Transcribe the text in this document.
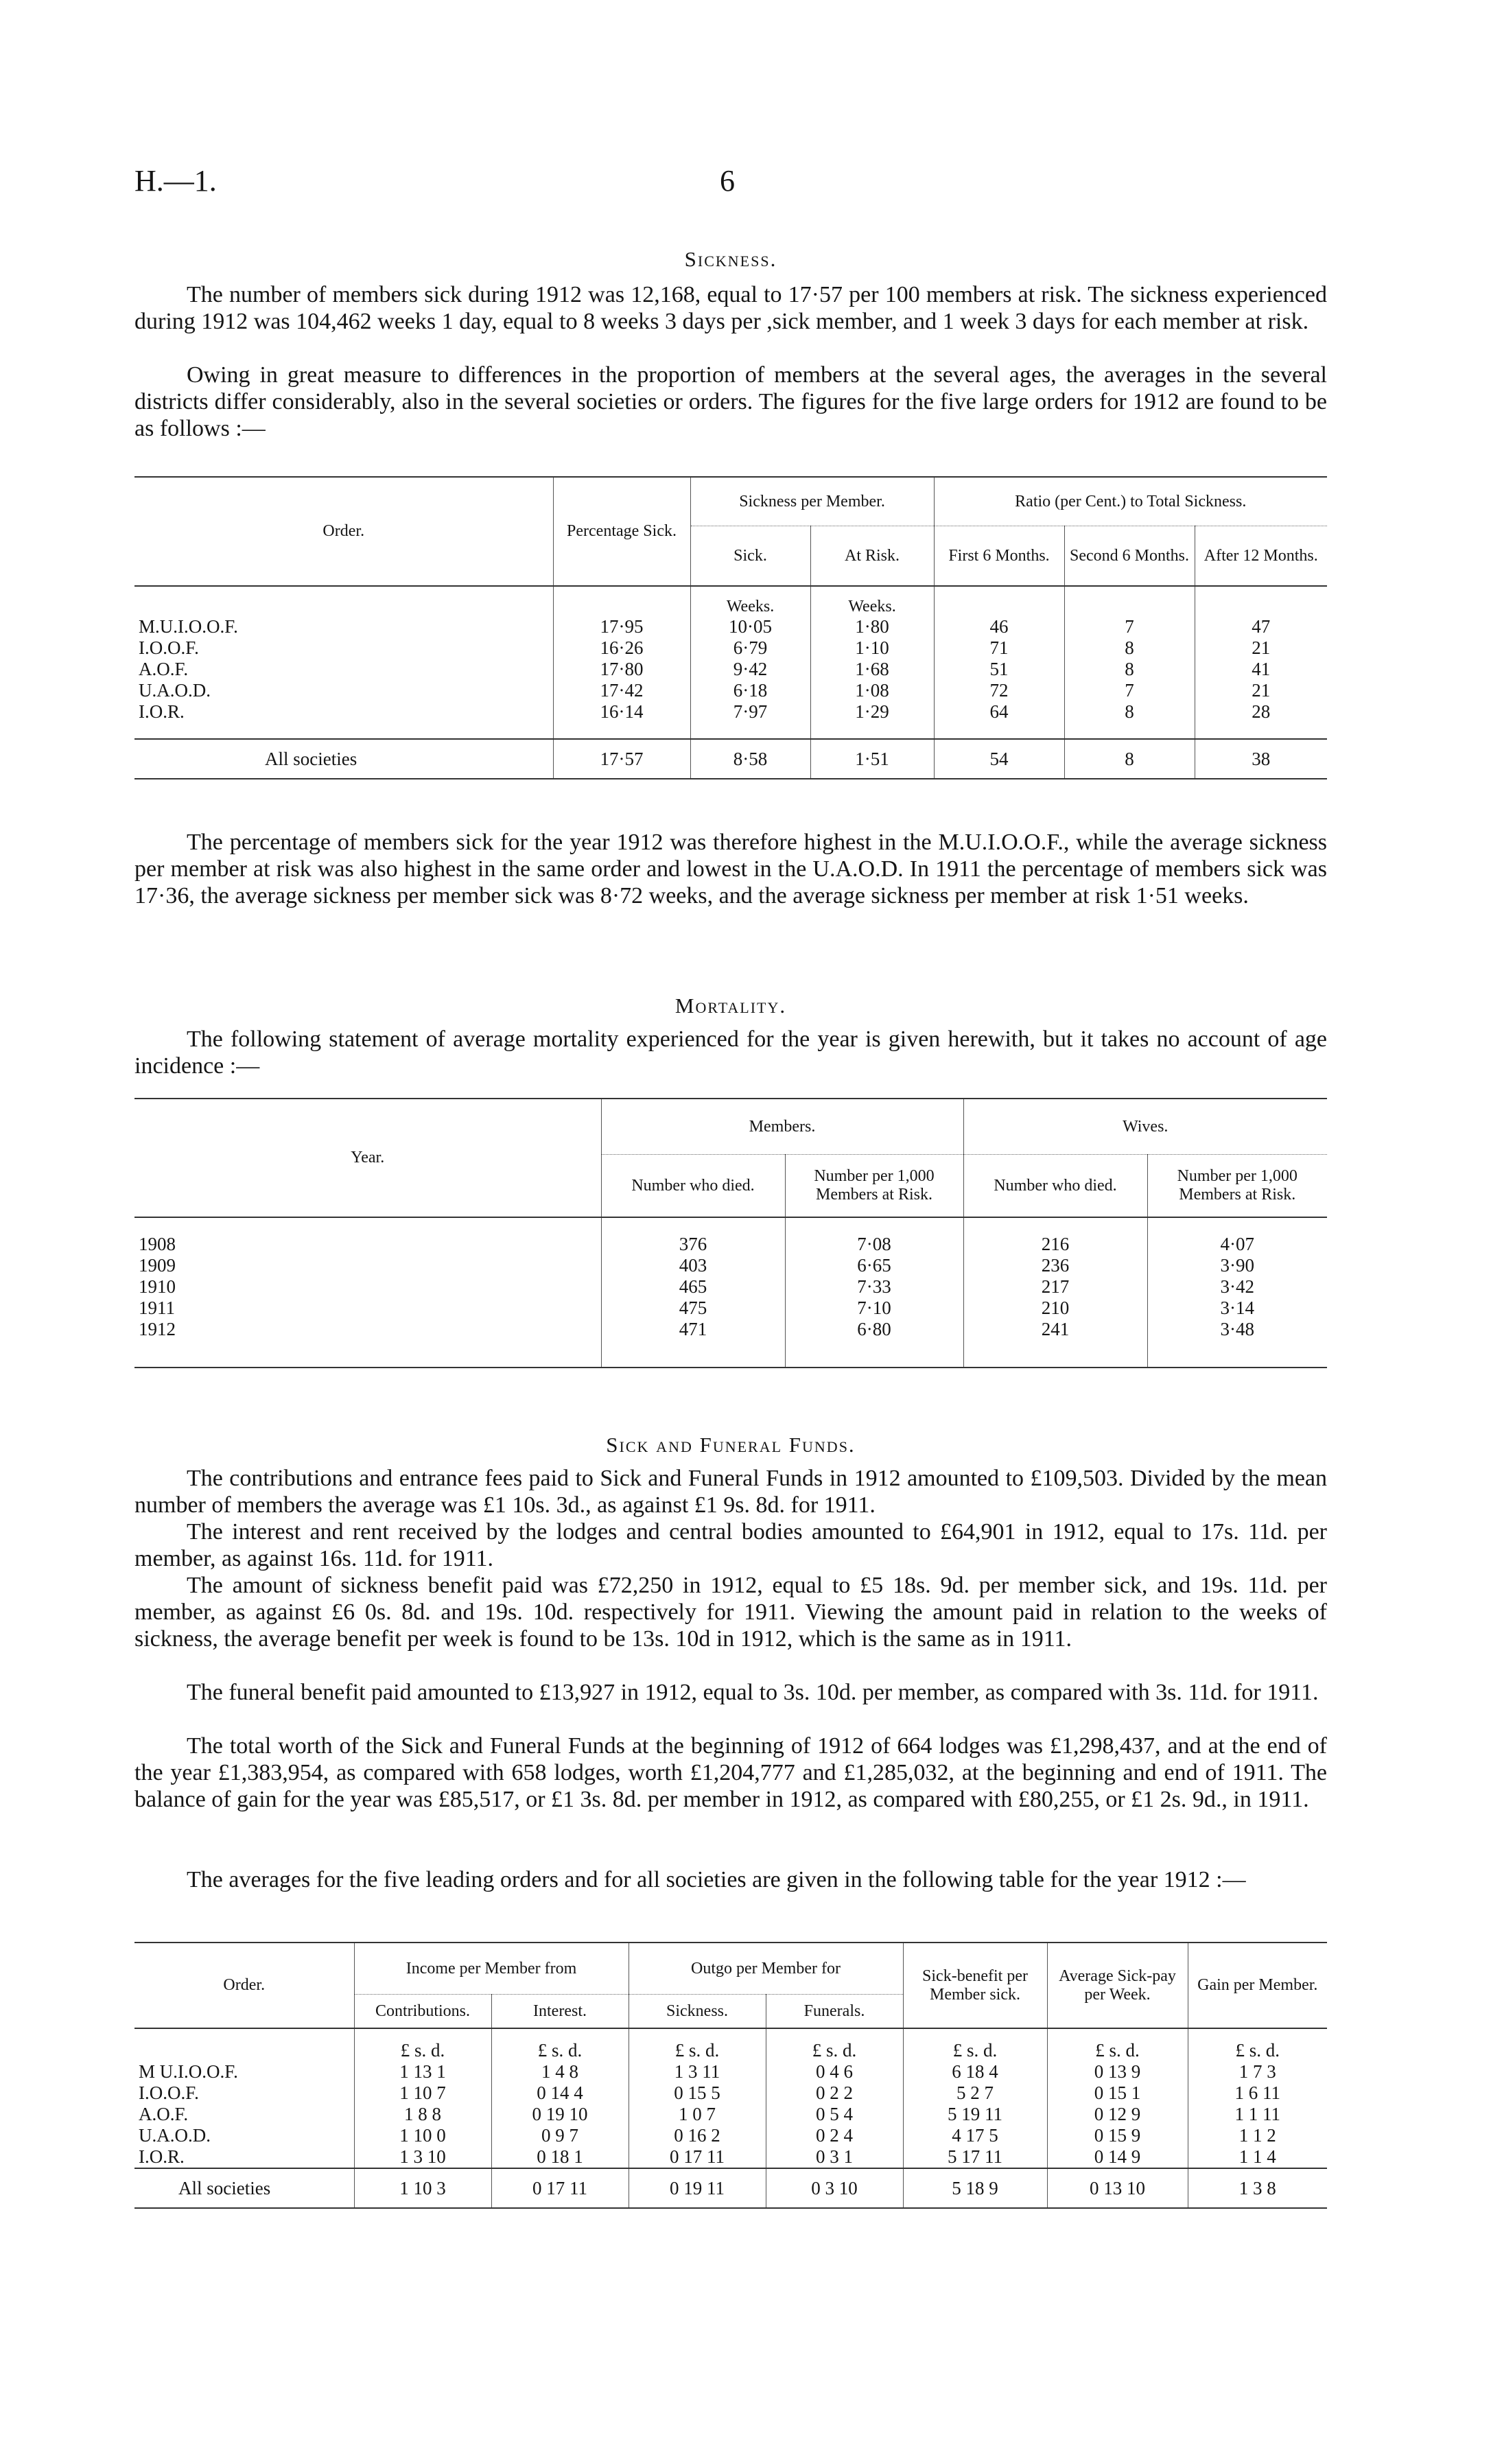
H.—1.	6
Sickness.
The number of members sick during 1912 was 12,168, equal to 17·57 per 100 members at risk. The sickness experienced during 1912 was 104,462 weeks 1 day, equal to 8 weeks 3 days per ,sick member, and 1 week 3 days for each member at risk.
Owing in great measure to differences in the proportion of members at the several ages, the averages in the several districts differ considerably, also in the several societies or orders. The figures for the five large orders for 1912 are found to be as follows :—
Order.	Percentage Sick.	Sickness per Member.		Ratio (per Cent.) to Total Sickness.		
		Sick.	At Risk.	First 6 Months.	Second 6 Months.	After 12 Months.
		Weeks.	Weeks.			
M.U.I.O.O.F.	17·95	10·05	1·80	46	7	47
I.O.O.F.	16·26	6·79	1·10	71	8	21
A.O.F.	17·80	9·42	1·68	51	8	41
U.A.O.D.	17·42	6·18	1·08	72	7	21
I.O.R.	16·14	7·97	1·29	64	8	28

All societies	17·57	8·58	1·51	54	8	38
The percentage of members sick for the year 1912 was therefore highest in the M.U.I.O.O.F., while the average sickness per member at risk was also highest in the same order and lowest in the U.A.O.D. In 1911 the percentage of members sick was 17·36, the average sickness per member sick was 8·72 weeks, and the average sickness per member at risk 1·51 weeks.
Mortality.
The following statement of average mortality experienced for the year is given herewith, but it takes no account of age incidence :—
Year.	Members.		Wives.	
	Number who died.	Number per 1,000 Members at Risk.	Number who died.	Number per 1,000 Members at Risk.

1908	376	7·08	216	4·07
1909	403	6·65	236	3·90
1910	465	7·33	217	3·42
1911	475	7·10	210	3·14
1912	471	6·80	241	3·48

Sick and Funeral Funds.
The contributions and entrance fees paid to Sick and Funeral Funds in 1912 amounted to £109,503. Divided by the mean number of members the average was £1 10s. 3d., as against £1 9s. 8d. for 1911.
The interest and rent received by the lodges and central bodies amounted to £64,901 in 1912, equal to 17s. 11d. per member, as against 16s. 11d. for 1911.
The amount of sickness benefit paid was £72,250 in 1912, equal to £5 18s. 9d. per member sick, and 19s. 11d. per member, as against £6 0s. 8d. and 19s. 10d. respectively for 1911. Viewing the amount paid in relation to the weeks of sickness, the average benefit per week is found to be 13s. 10d in 1912, which is the same as in 1911.
The funeral benefit paid amounted to £13,927 in 1912, equal to 3s. 10d. per member, as compared with 3s. 11d. for 1911.
The total worth of the Sick and Funeral Funds at the beginning of 1912 of 664 lodges was £1,298,437, and at the end of the year £1,383,954, as compared with 658 lodges, worth £1,204,777 and £1,285,032, at the beginning and end of 1911. The balance of gain for the year was £85,517, or £1 3s. 8d. per member in 1912, as compared with £80,255, or £1 2s. 9d., in 1911.
The averages for the five leading orders and for all societies are given in the following table for the year 1912 :—
Order.	Income per Member from		Outgo per Member for		Sick-benefit per Member sick.	Average Sick-pay per Week.	Gain per Member.
	Contributions.	Interest.	Sickness.	Funerals.			
	£ s. d.	£ s. d.	£ s. d.	£ s. d.	£ s. d.	£ s. d.	£ s. d.
M U.I.O.O.F.	1 13 1	1 4 8	1 3 11	0 4 6	6 18 4	0 13 9	1 7 3
I.O.O.F.	1 10 7	0 14 4	0 15 5	0 2 2	5 2 7	0 15 1	1 6 11
A.O.F.	1 8 8	0 19 10	1 0 7	0 5 4	5 19 11	0 12 9	1 1 11
U.A.O.D.	1 10 0	0 9 7	0 16 2	0 2 4	4 17 5	0 15 9	1 1 2
I.O.R.	1 3 10	0 18 1	0 17 11	0 3 1	5 17 11	0 14 9	1 1 4
All societies	1 10 3	0 17 11	0 19 11	0 3 10	5 18 9	0 13 10	1 3 8
